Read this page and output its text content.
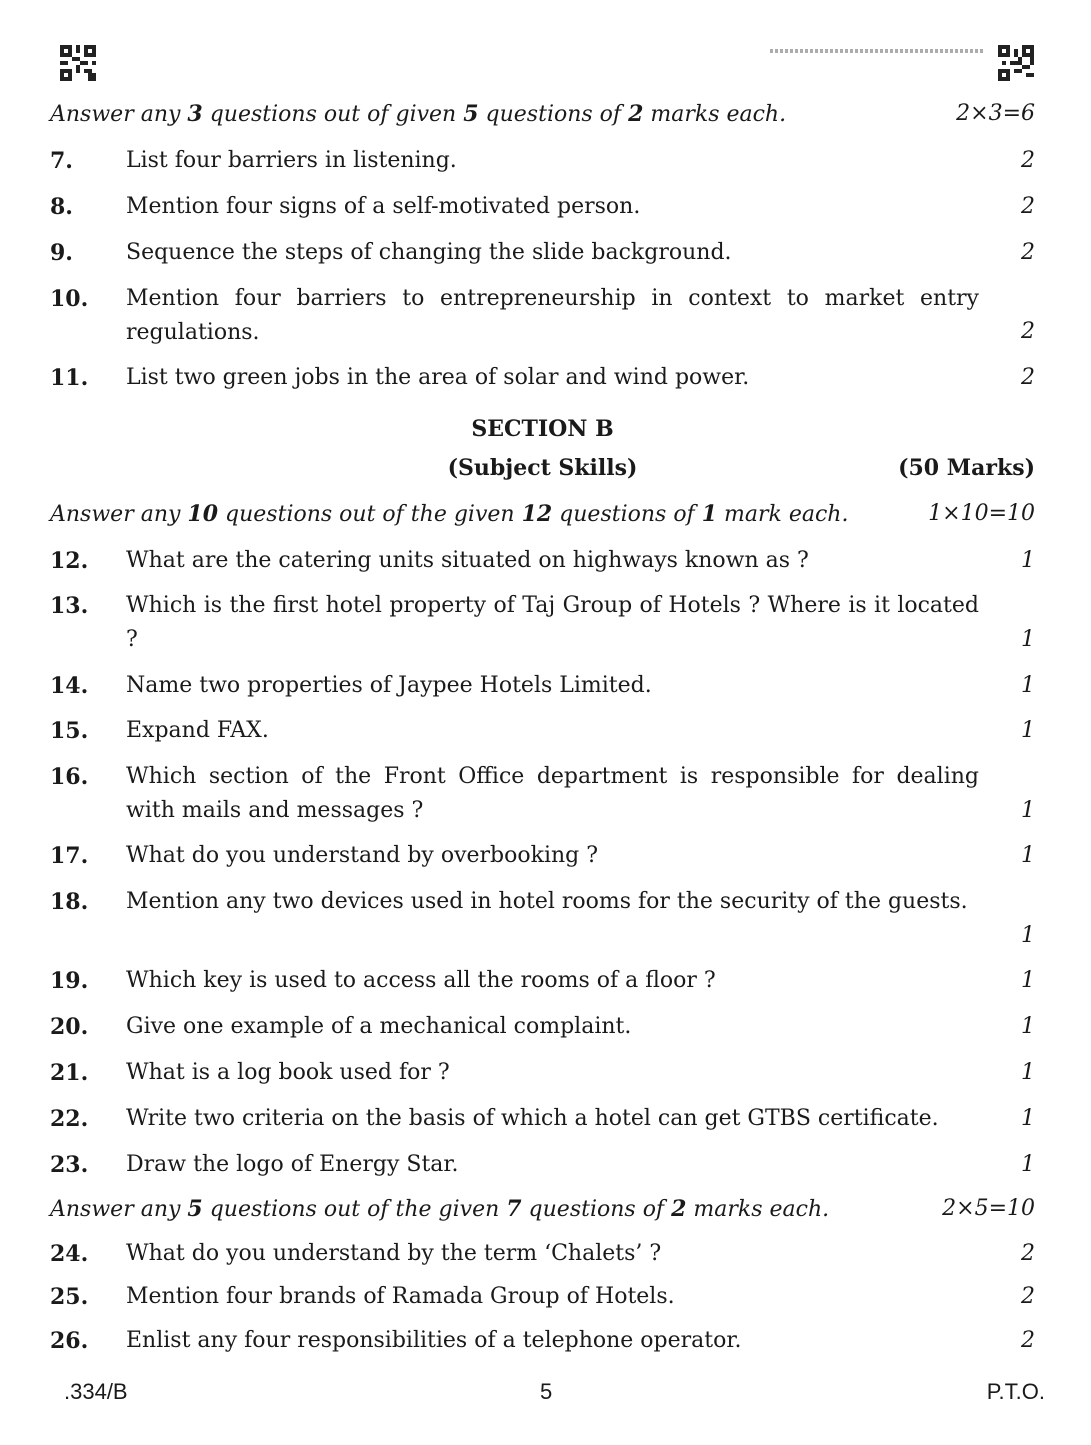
Answer any 3 questions out of given 5 questions of 2 marks each.	2×3=6
7. List four barriers in listening.	2
8. Mention four signs of a self-motivated person.	2
9. Sequence the steps of changing the slide background.	2
10. Mention four barriers to entrepreneurship in context to market entry regulations.	2
11. List two green jobs in the area of solar and wind power.	2
SECTION B
(Subject Skills)	(50 Marks)
Answer any 10 questions out of the given 12 questions of 1 mark each.	1×10=10
12. What are the catering units situated on highways known as ?	1
13. Which is the first hotel property of Taj Group of Hotels ? Where is it located ?	1
14. Name two properties of Jaypee Hotels Limited.	1
15. Expand FAX.	1
16. Which section of the Front Office department is responsible for dealing with mails and messages ?	1
17. What do you understand by overbooking ?	1
18. Mention any two devices used in hotel rooms for the security of the guests.
1
19. Which key is used to access all the rooms of a floor ?	1
20. Give one example of a mechanical complaint.	1
21. What is a log book used for ?	1
22. Write two criteria on the basis of which a hotel can get GTBS certificate.	1
23. Draw the logo of Energy Star.	1
Answer any 5 questions out of the given 7 questions of 2 marks each.	2×5=10
24. What do you understand by the term ‘Chalets’ ?	2
25. Mention four brands of Ramada Group of Hotels.	2
26. Enlist any four responsibilities of a telephone operator.	2
.334/B	5	P.T.O.
